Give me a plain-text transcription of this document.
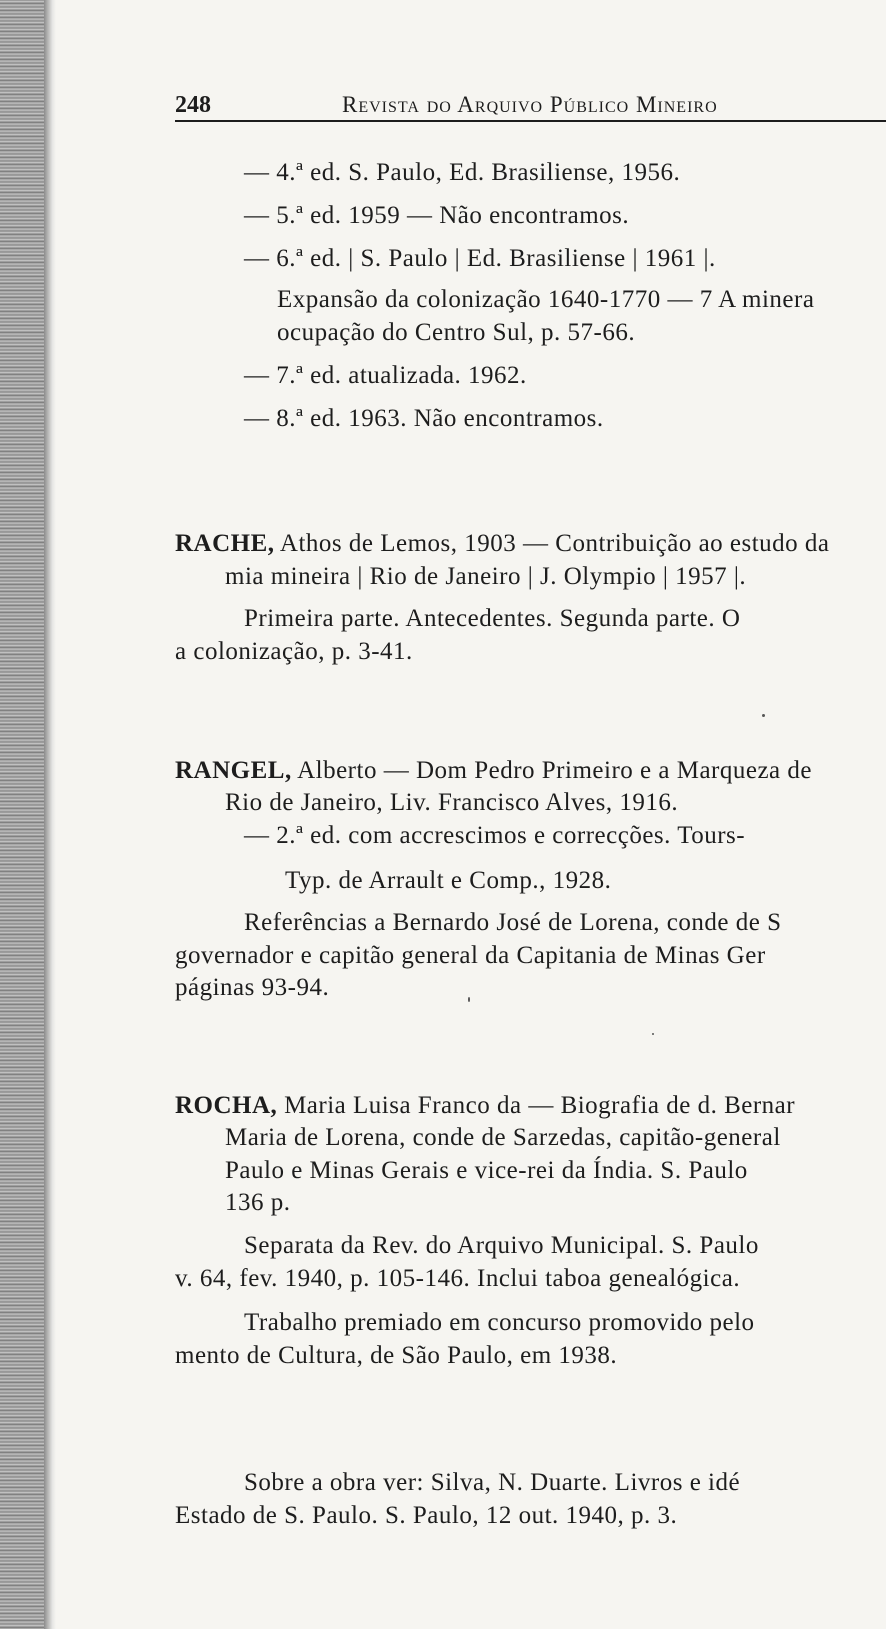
248	Revista do Arquivo Público Mineiro
— 4.ª ed. S. Paulo, Ed. Brasiliense, 1956.
— 5.ª ed. 1959 — Não encontramos.
— 6.ª ed. | S. Paulo | Ed. Brasiliense | 1961 |.
Expansão da colonização 1640-1770 — 7 A minera
ocupação do Centro Sul, p. 57-66.
— 7.ª ed. atualizada. 1962.
— 8.ª ed. 1963. Não encontramos.
RACHE, Athos de Lemos, 1903 — Contribuição ao estudo da
mia mineira | Rio de Janeiro | J. Olympio | 1957 |.
Primeira parte. Antecedentes. Segunda parte. O
a colonização, p. 3-41.
RANGEL, Alberto — Dom Pedro Primeiro e a Marqueza de
Rio de Janeiro, Liv. Francisco Alves, 1916.
— 2.ª ed. com accrescimos e correcções. Tours-
Typ. de Arrault e Comp., 1928.
Referências a Bernardo José de Lorena, conde de S
governador e capitão general da Capitania de Minas Ger
páginas 93-94.
ROCHA, Maria Luisa Franco da — Biografia de d. Bernar
Maria de Lorena, conde de Sarzedas, capitão-general
Paulo e Minas Gerais e vice-rei da Índia. S. Paulo
136 p.
Separata da Rev. do Arquivo Municipal. S. Paulo
v. 64, fev. 1940, p. 105-146. Inclui taboa genealógica.
Trabalho premiado em concurso promovido pelo
mento de Cultura, de São Paulo, em 1938.
Sobre a obra ver: Silva, N. Duarte. Livros e idé
Estado de S. Paulo. S. Paulo, 12 out. 1940, p. 3.
